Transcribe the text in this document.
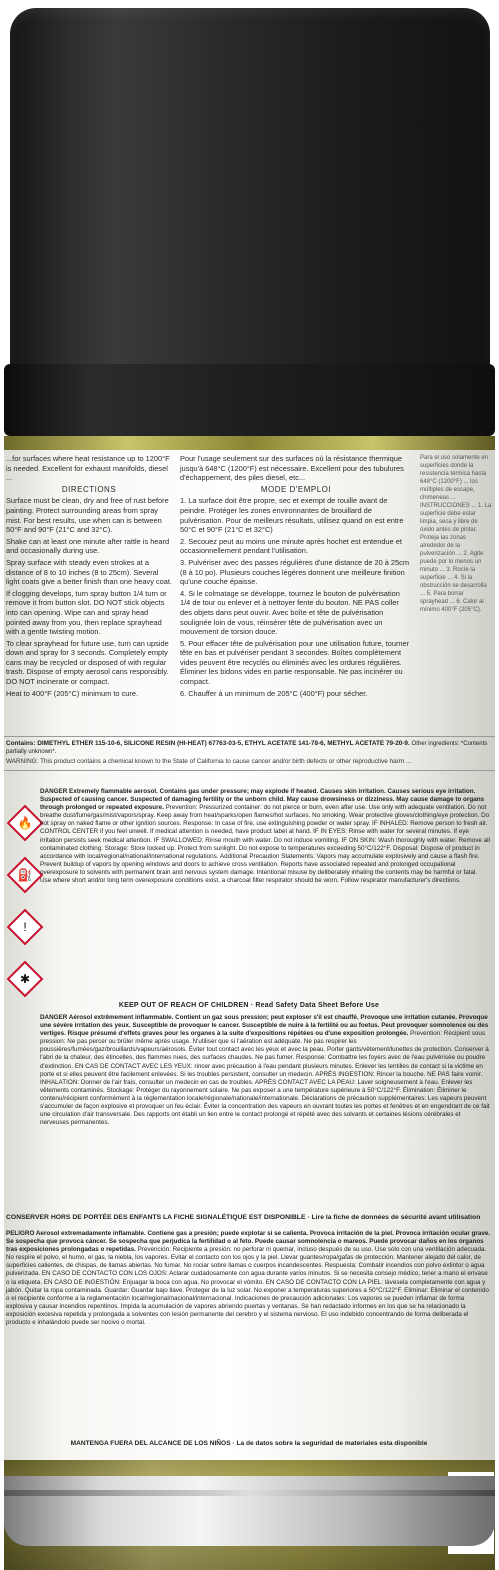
...for surfaces where heat resistance up to 1200°F is needed. Excellent for exhaust manifolds, diesel ...

DIRECTIONS

Surface must be clean, dry and free of rust before painting. Protect surrounding areas from spray mist. For best results, use when can is between 50°F and 90°F (21°C and 32°C).

Shake can at least one minute after rattle is heard and occasionally during use.

Spray surface with steady even strokes at a distance of 8 to 10 inches (8 to 25cm). Several light coats give a better finish than one heavy coat.

If clogging develops, turn spray button 1/4 turn or remove it from button slot. DO NOT stick objects into can opening. Wipe can and spray head pointed away from you, then replace sprayhead with a gentle twisting motion.

To clear sprayhead for future use, turn can upside down and spray for 3 seconds. Completely empty cans may be recycled or disposed of with regular trash. Dispose of empty aerosol cans responsibly. DO NOT incinerate or compact.

Heat to 400°F (205°C) minimum to cure.

Pour l'usage seulement sur des surfaces où la résistance thermique jusqu'à 648°C (1200°F) est nécessaire. Excellent pour des tubulures d'échappement, des piles diesel, etc...

MODE D'EMPLOI

1. La surface doit être propre, sec et exempt de rouille avant de peindre. Protéger les zones environnantes de brouillard de pulvérisation. Pour de meilleurs résultats, utilisez quand on est entre 50°C et 90°F (21°C et 32°C)

2. Secouez peut au moins une minute après hochet est entendue et occasionnellement pendant l'utilisation.

3. Pulvériser avec des passes régulières d'une distance de 20 à 25cm (8 à 10 po). Plusieurs couches légères donnent une meilleure finition qu'une couche épaisse.

4. Si le colmatage se développe, tournez le bouton de pulvérisation 1/4 de tour ou enlever et à nettoyer fente du bouton. NE PAS coller des objets dans peut ouvrir. Avec boîte et tête de pulvérisation soulignée loin de vous, réinsérer tête de pulvérisation avec un mouvement de torsion douce.

5. Pour effacer tête de pulvérisation pour une utilisation future, tourner tête en bas et pulvériser pendant 3 secondes. Boîtes complètement vides peuvent être recyclés ou éliminés avec les ordures régulières. Éliminer les bidons vides en partie responsable. Ne pas incinérer ou compact.

6. Chauffer à un minimum de 205°C (400°F) pour sécher.

Para el uso solamente en superficies donde la resistencia térmica hasta 648°C (1200°F) ... los múltiples de escape, chimeneas ... INSTRUCCIONES ... 1. La superficie debe estar limpia, seca y libre de óxido antes de pintar. Proteja las zonas alrededor de la pulverización ... 2. Agite puede por lo menos un minuto ... 3. Rocíe la superficie ... 4. Si la obstrucción se desarrolla ... 5. Para borrar sprayhead ... 6. Calor al mínimo 400°F (205°C).

Contains: DIMETHYL ETHER 115-10-6, SILICONE RESIN (HI-HEAT) 67763-03-5, ETHYL ACETATE 141-78-6, METHYL ACETATE 79-20-9. Other ingredients: *Contents partially unknown*.
WARNING: This product contains a chemical known to the State of California to cause cancer and/or birth defects or other reproductive harm ...
🔥
⛽
!
✱
DANGER Extremely flammable aerosol. Contains gas under pressure; may explode if heated. Causes skin irritation. Causes serious eye irritation. Suspected of causing cancer. Suspected of damaging fertility or the unborn child. May cause drowsiness or dizziness. May cause damage to organs through prolonged or repeated exposure. Prevention: Pressurized container: do not pierce or burn, even after use. Use only with adequate ventilation. Do not breathe dust/fume/gas/mist/vapors/spray. Keep away from heat/sparks/open flames/hot surfaces. No smoking. Wear protective gloves/clothing/eye protection. Do not spray on naked flame or other ignition sources. Response: In case of fire, use extinguishing powder or water spray. IF INHALED: Remove person to fresh air. CONTROL CENTER if you feel unwell. If medical attention is needed, have product label at hand. IF IN EYES: Rinse with water for several minutes. If eye irritation persists seek medical attention. IF SWALLOWED: Rinse mouth with water. Do not induce vomiting. IF ON SKIN: Wash thoroughly with water. Remove all contaminated clothing. Storage: Store locked up. Protect from sunlight. Do not expose to temperatures exceeding 50°C/122°F. Disposal: Dispose of product in accordance with local/regional/national/international regulations. Additional Precaution Statements: Vapors may accumulate explosively and cause a flash fire. Prevent buildup of vapors by opening windows and doors to achieve cross ventilation. Reports have associated repeated and prolonged occupational overexposure to solvents with permanent brain and nervous system damage. Intentional misuse by deliberately inhaling the contents may be harmful or fatal. Use where short and/or long term overexposure conditions exist, a charcoal filter respirator should be worn. Follow respirator manufacturer's directions.
KEEP OUT OF REACH OF CHILDREN · Read Safety Data Sheet Before Use
DANGER Aérosol extrêmement inflammable. Contient un gaz sous pression; peut exploser s'il est chauffé. Provoque une irritation cutanée. Provoque une sévère irritation des yeux. Susceptible de provoquer le cancer. Susceptible de nuire à la fertilité ou au foetus. Peut provoquer somnolence ou des vertiges. Risque présumé d'effets graves pour les organes à la suite d'expositions répétées ou d'une exposition prolongée. Prevention: Récipient sous pression: Ne pas percer ou brûler même après usage. N'utiliser que si l'aération est adéquate. Ne pas respirer les poussières/fumées/gaz/brouillards/vapeurs/aérosols. Éviter tout contact avec les yeux et avec la peau. Porter gants/vêtement/lunettes de protection. Conserver à l'abri de la chaleur, des étincelles, des flammes nues, des surfaces chaudes. Ne pas fumer. Response: Combattre les foyers avec de l'eau pulvérisée ou poudre d'extinction. EN CAS DE CONTACT AVEC LES YEUX: rincer avec précaution à l'eau pendant plusieurs minutes. Enlever les lentilles de contact si la victime en porte et si elles peuvent être facilement enlevées. Si les troubles persistent, consulter un medecin. APRÈS INGESTION: Rincer la bouche. NE PAS faire vomir. INHALATION: Donner de l'air frais, consulter un medecin en cas de troubles. APRÈS CONTACT AVEC LA PEAU: Laver soigneusement à l'eau. Enlever les vêtements contaminés. Stockage: Protéger du rayonnement solaire. Ne pas exposer a une température supérieure à 50°C/122°F. Élimination: Éliminer le contenu/récipient conformément à la réglementation locale/régionale/nationale/internationale. Déclarations de précaution supplémentaires: Les vapeurs peuvent s'accumuler de façon explosive et provoquer un feu éclair. Éviter la concentration des vapeurs en ouvrant toutes les portes et fenêtres et en engendrant de ce fait une circulation d'air transversale. Des rapports ont établi un lien entre le contact prolongé et répété avec des solvants et certaines lésions cérébrales et nerveuses permanentes.
CONSERVER HORS DE PORTÉE DES ENFANTS LA FICHE SIGNALÉTIQUE EST DISPONIBLE · Lire la fiche de données de sécurité avant utilisation
PELIGRO Aerosol extremadamente inflamable. Contiene gas a presión; puede explotar si se calienta. Provoca irritación de la piel. Provoca irritación ocular grave. Se sospecha que provoca cáncer. Se sospecha que perjudica la fertilidad o al feto. Puede causar somnolencia o mareos. Puede provocar daños en los órganos tras exposiciones prolongadas o repetidas. Prevención: Recipiente a presión: no perforar ni quemar, incluso después de su uso. Use sólo con una ventilación adecuada. No respire el polvo, el humo, el gas, la niebla, los vapores. Evitar el contacto con los ojos y la piel. Llevar guantes/ropa/gafas de protección. Mantener alejado del calor, de superficies calientes, de chispas, de llamas abiertas. No fumar. No rociar sobre llamas o cuerpos incandescentes. Respuesta: Combatir incendios con polvo extintor o agua pulverizada. EN CASO DE CONTACTO CON LOS OJOS: Aclarar cuidadosamente con agua durante varios minutos. Si se necesita consejo médico, tener a mano el envase o la etiqueta. EN CASO DE INGESTIÓN: Enjuagar la boca con agua. No provocar el vómito. EN CASO DE CONTACTO CON LA PIEL: lávesela completamente con agua y jabón. Quitar la ropa contaminada. Guardar: Guardar bajo llave. Proteger de la luz solar. No exponer a temperaturas superiores a 50°C/122°F. Eliminar: Eliminar el contenido o el recipiente conforme a la reglamentación local/regional/nacional/internacional. Indicaciones de precaución adicionales: Los vapores se pueden inflamar de forma explosiva y causar incendios repentinos. Impida la acumulación de vapores abriendo puertas y ventanas. Se han redactado informes en los que se ha relacionado la exposición excesiva repetida y prolongada a solventes con lesión permanente del cerebro y el sistema nervioso. El uso indebido concentrando de forma deliberada el producto e inhalándolo puede ser nocivo o mortal.
MANTENGA FUERA DEL ALCANCE DE LOS NIÑOS · La de datos sobre la seguridad de materiales esta disponible
